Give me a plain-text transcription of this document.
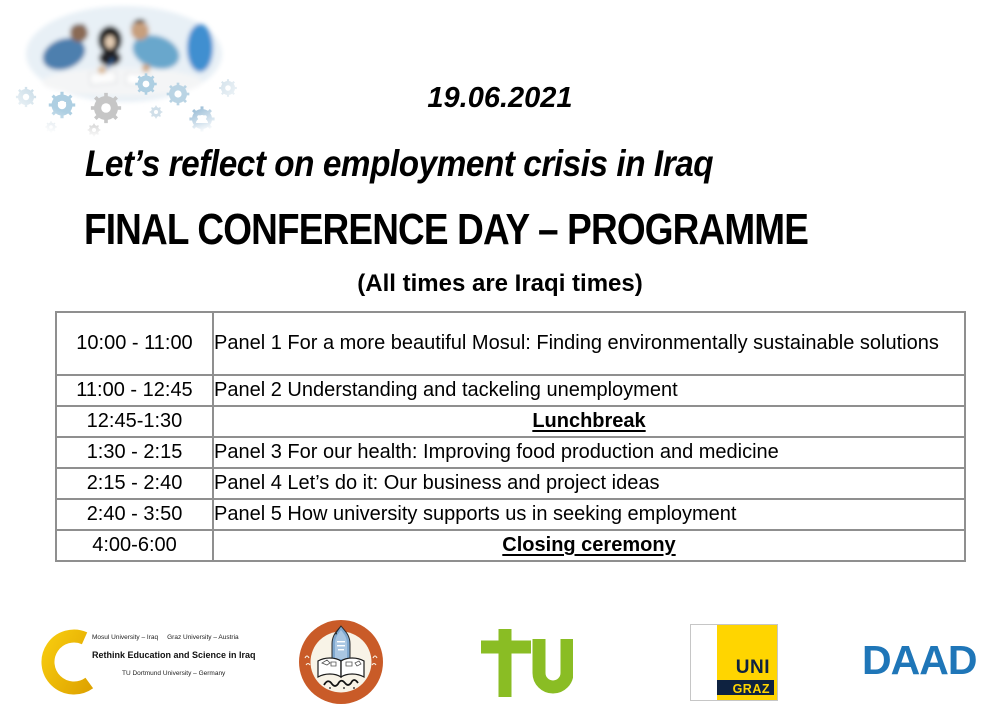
19.06.2021
Let’s reflect on employment crisis in Iraq
FINAL CONFERENCE DAY – PROGRAMME
(All times are Iraqi times)
10:00 - 11:00	Panel 1 For a more beautiful Mosul: Finding environmentally sustainable solutions
11:00 - 12:45	Panel 2 Understanding and tackeling unemployment
12:45-1:30	Lunchbreak
1:30 - 2:15	Panel 3 For our health: Improving food production and medicine
2:15 - 2:40	Panel 4 Let’s do it: Our business and project ideas
2:40 - 3:50	Panel 5 How university supports us in seeking employment
4:00-6:00	Closing ceremony
Mosul University – Iraq Graz University – Austria
Rethink Education and Science in Iraq
TU Dortmund University – Germany	UNI
GRAZ
DAAD
